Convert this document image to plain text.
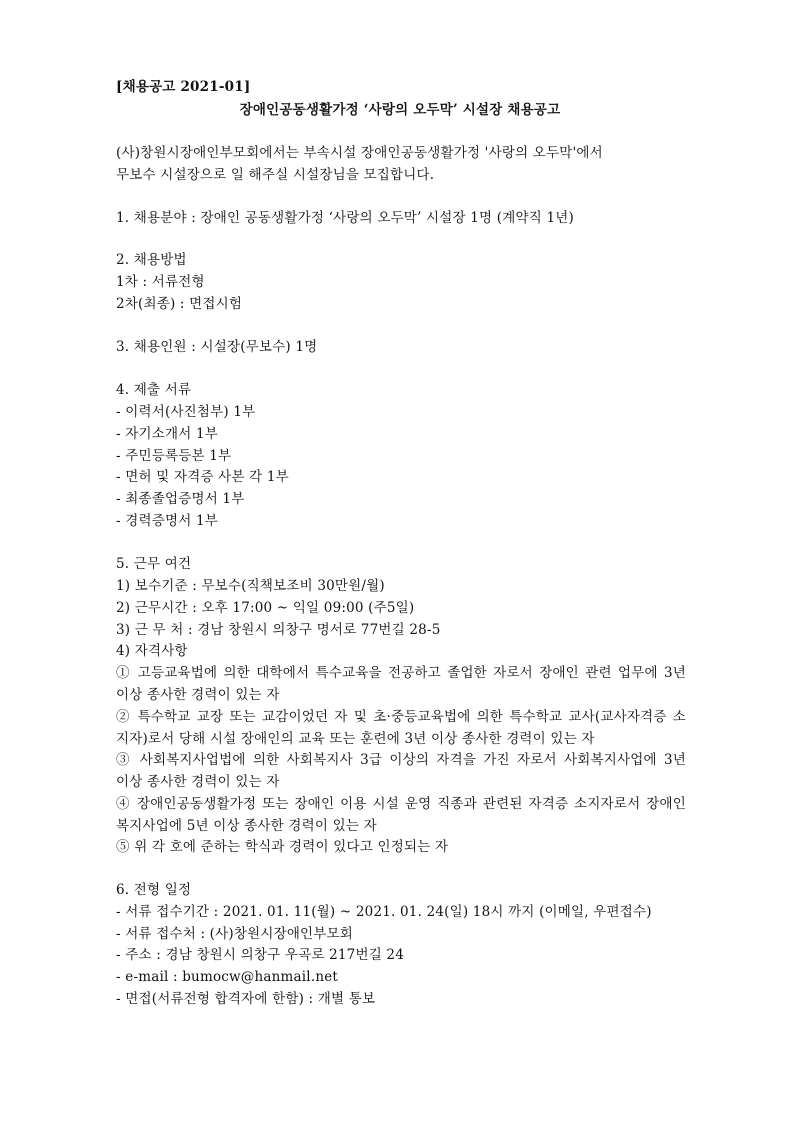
[채용공고 2021-01]
장애인공동생활가정 ‘사랑의 오두막’ 시설장 채용공고
(사)창원시장애인부모회에서는 부속시설 장애인공동생활가정 '사랑의 오두막'에서
무보수 시설장으로 일 해주실 시설장님을 모집합니다.
1. 채용분야 : 장애인 공동생활가정 ‘사랑의 오두막’ 시설장 1명 (계약직 1년)
2. 채용방법
1차 : 서류전형
2차(최종) : 면접시험
3. 채용인원 : 시설장(무보수) 1명
4. 제출 서류
- 이력서(사진첨부) 1부
- 자기소개서 1부
- 주민등록등본 1부
- 면허 및 자격증 사본 각 1부
- 최종졸업증명서 1부
- 경력증명서 1부
5. 근무 여건
1) 보수기준 : 무보수(직책보조비 30만원/월)
2) 근무시간 : 오후 17:00 ~ 익일 09:00 (주5일)
3) 근 무 처 : 경남 창원시 의창구 명서로 77번길 28-5
4) 자격사항
① 고등교육법에 의한 대학에서 특수교육을 전공하고 졸업한 자로서 장애인 관련 업무에 3년
이상 종사한 경력이 있는 자
② 특수학교 교장 또는 교감이었던 자 및 초·중등교육법에 의한 특수학교 교사(교사자격증 소
지자)로서 당해 시설 장애인의 교육 또는 훈련에 3년 이상 종사한 경력이 있는 자
③ 사회복지사업법에 의한 사회복지사 3급 이상의 자격을 가진 자로서 사회복지사업에 3년
이상 종사한 경력이 있는 자
④ 장애인공동생활가정 또는 장애인 이용 시설 운영 직종과 관련된 자격증 소지자로서 장애인
복지사업에 5년 이상 종사한 경력이 있는 자
⑤ 위 각 호에 준하는 학식과 경력이 있다고 인정되는 자
6. 전형 일정
- 서류 접수기간 : 2021. 01. 11(월) ~ 2021. 01. 24(일) 18시 까지 (이메일, 우편접수)
- 서류 접수처 : (사)창원시장애인부모회
- 주소 : 경남 창원시 의창구 우곡로 217번길 24
- e-mail : bumocw@hanmail.net
- 면접(서류전형 합격자에 한함) : 개별 통보
